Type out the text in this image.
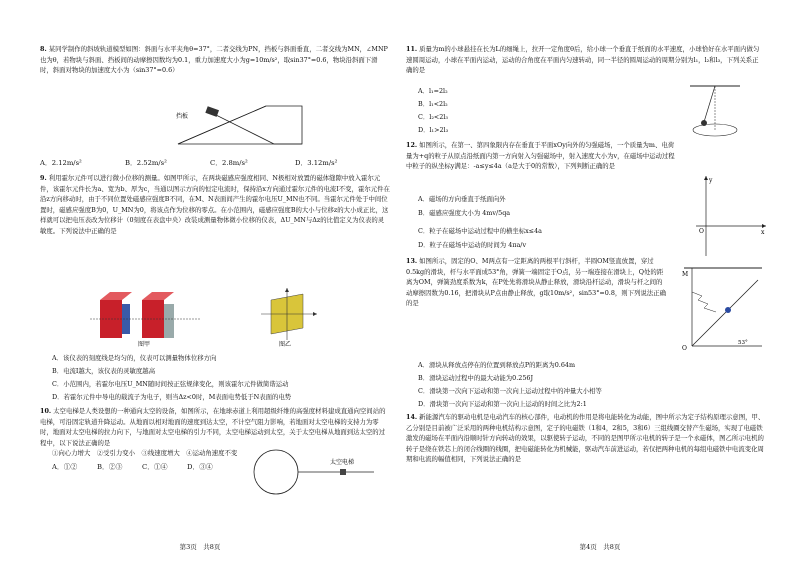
8. 某同学制作的斜坡轨道模型如图：斜面与水平夹角θ=37°，二者交线为PN，挡板与斜面垂直，二者交线为MN，∠MNP也为θ，若物块与斜面、挡板间的动摩擦因数均为0.1，重力加速度大小为g=10m/s²，取sin37°=0.6，物块沿斜面下滑时，斜面对物块的加速度大小为（sin37°=0.6）
挡板
A．2.12m/s²	B．2.52m/s²	C．2.8m/s²	D．3.12m/s²
9. 利用霍尔元件可以进行微小位移的测量。如图甲所示，在两块磁感应强度相同、N极相对放置的磁体缝隙中放入霍尔元件，该霍尔元件长为a、宽为b、厚为c，当通以图示方向的恒定电流时，保持沿x方向通过霍尔元件的电流I不变，霍尔元件在沿z方向移动时，由于不同位置处磁感应强度B不同，在M、N表面间产生的霍尔电压U_MN也不同。当霍尔元件处于中间位置时，磁感应强度B为0，U_MN为0，将该点作为位移的零点。在小范围内，磁感应强度B的大小与位移z的大小成正比，这样就可以把电压表改为位移计（0刻度在表盘中央）改装成测量物体微小位移的仪表，ΔU_MN与Δz的比值定义为仪表的灵敏度。下列说法中正确的是
图甲	图乙
A．该仪表的刻度线是均匀的，仪表可以测量物体位移方向
B．电流I越大，该仪表的灵敏度越高
C．小范围内，若霍尔电压U_MN随时间按正弦规律变化，则该霍尔元件做简谐运动
D．若霍尔元件中导电的载流子为电子，则当Δz<0时，M表面电势低于N表面的电势
10. 太空电梯是人类设想的一种通向太空的设备，如图所示，在地球赤道上利用超级纤维的高强度材料建成直通向空间站的电梯，可沿固定轨道升降运动。从地面以相对地面的速度到达太空，不计空气阻力影响，若地面对太空电梯的支持力为零时，地面对太空电梯的拉力向下，与地面对太空电梯的引力不同，太空电梯运动到太空，关于太空电梯从地面到达太空的过程中，以下说法正确的是
①向心力增大　②受引力变小　③线速度增大　④运动角速度不变
A．①②	B．②③	C．①④	D．③④
太空电梯
第3页　共8页
11. 质量为m的小球悬挂在长为L的细绳上，拉开一定角度θ后，给小球一个垂直于纸面的水平速度，小球恰好在水平面内做匀速圆周运动，小球在平面内运动，运动的合角度在平面内匀速转动，同一半径的圆周运动的周期分别为l₁，l₂和l₃，下列关系正确的是
A．l₁=2l₂
B．l₁<2l₂
C．l₂<2l₃
D．l₁>2l₃
12. 如图所示，在第一、第四象限内存在垂直于平面xOy向外的匀强磁场，一个质量为m、电荷量为+q的粒子从原点沿纸面内第一方向射入匀强磁场中，射入速度大小为v，在磁场中运动过程中粒子的纵坐标y满足：-a≤y≤4a（a是大于0的常数），下列判断正确的是
A．磁场的方向垂直于纸面向外
B．磁感应强度大小为 4mv/5qa
C．粒子在磁场中运动过程中的横坐标x≤4a
D．粒子在磁场中运动的时间为 4πa/v
y
x
O
13. 如图所示，固定的O、M两点有一定距离的两根平行斜杆，半圆OM竖直放置，穿过0.5kg的滑块，杆与水平面成53°角，弹簧一端固定于O点，另一端连接在滑块上，Q处的距离为OM，弹簧劲度系数为k，在P处先将滑块从静止释放，滑块沿杆运动，滑块与杆之间的动摩擦因数为0.16，把滑块从P点由静止释放，g取10m/s²，sin53°=0.8，则下列说法正确的是
A．滑块从释放点停在的位置到释放点P的距离为0.64m
B．滑块运动过程中的最大动能为0.256J
C．滑块第一次向下运动和第一次向上运动过程中的冲量大小相等
D．滑块第一次向下运动和第一次向上运动的时间之比为2:1
M
O
53°
14. 新能源汽车的驱动电机是电动汽车的核心部件，电动机的作用是将电能转化为动能，图中所示为定子结构原理示意图，甲、乙分别是目前被广泛采用的两种电机结构示意图，定子的电磁铁（1和4，2和5，3和6）三组线圈交替产生磁场，实现了电磁铁激发的磁场在平面内沿顺时针方向转动的效果，以驱使转子运动，不同的是图甲所示电机的转子是一个永磁体，图乙所示电机的转子是绕在铁芯上的闭合线圈的线圈，把电磁能转化为机械能，驱动汽车前进运动，若仅把两种电机的每组电磁铁中电流变化周期和电流的幅值相同，下列说法正确的是
第4页　共8页
